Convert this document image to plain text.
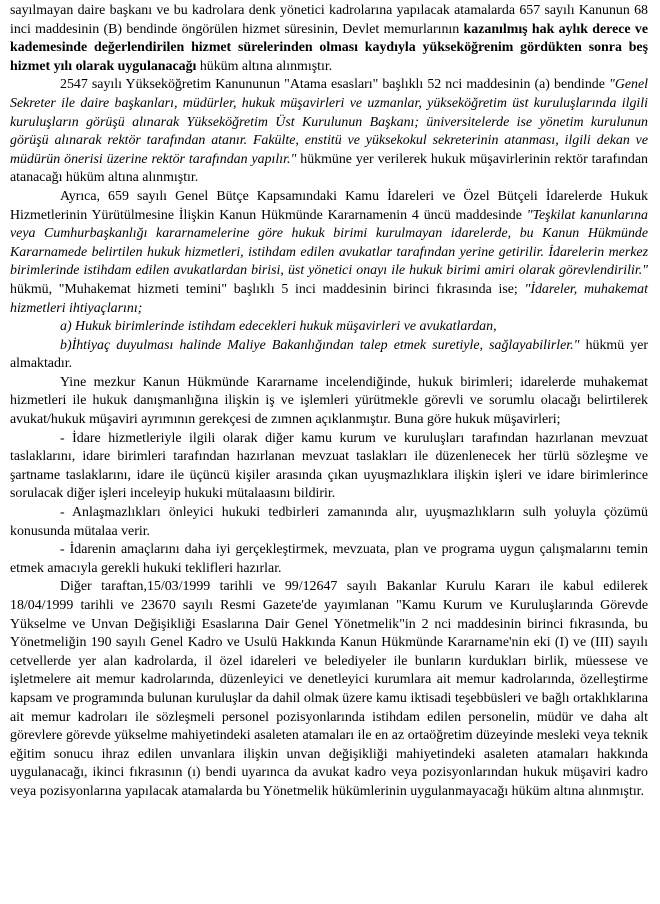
sayılmayan daire başkanı ve bu kadrolara denk yönetici kadrolarına yapılacak atamalarda 657 sayılı Kanunun 68 inci maddesinin (B) bendinde öngörülen hizmet süresinin, Devlet memurlarının kazanılmış hak aylık derece ve kademesinde değerlendirilen hizmet sürelerinden olması kaydıyla yükseköğrenim gördükten sonra beş hizmet yılı olarak uygulanacağı hüküm altına alınmıştır.

2547 sayılı Yükseköğretim Kanununun "Atama esasları" başlıklı 52 nci maddesinin (a) bendinde "Genel Sekreter ile daire başkanları, müdürler, hukuk müşavirleri ve uzmanlar, yükseköğretim üst kuruluşlarında ilgili kuruluşların görüşü alınarak Yükseköğretim Üst Kurulunun Başkanı; üniversitelerde ise yönetim kurulunun görüşü alınarak rektör tarafından atanır. Fakülte, enstitü ve yüksekokul sekreterinin atanması, ilgili dekan ve müdürün önerisi üzerine rektör tarafından yapılır." hükmüne yer verilerek hukuk müşavirlerinin rektör tarafından atanacağı hüküm altına alınmıştır.

Ayrıca, 659 sayılı Genel Bütçe Kapsamındaki Kamu İdareleri ve Özel Bütçeli İdarelerde Hukuk Hizmetlerinin Yürütülmesine İlişkin Kanun Hükmünde Kararnamenin 4 üncü maddesinde "Teşkilat kanunlarına veya Cumhurbaşkanlığı kararnamelerine göre hukuk birimi kurulmayan idarelerde, bu Kanun Hükmünde Kararnamede belirtilen hukuk hizmetleri, istihdam edilen avukatlar tarafından yerine getirilir. İdarelerin merkez birimlerinde istihdam edilen avukatlardan birisi, üst yönetici onayı ile hukuk birimi amiri olarak görevlendirilir." hükmü, "Muhakemat hizmeti temini" başlıklı 5 inci maddesinin birinci fıkrasında ise; "İdareler, muhakemat hizmetleri ihtiyaçlarını;

a) Hukuk birimlerinde istihdam edecekleri hukuk müşavirleri ve avukatlardan,

b)İhtiyaç duyulması halinde Maliye Bakanlığından talep etmek suretiyle, sağlayabilirler." hükmü yer almaktadır.

Yine mezkur Kanun Hükmünde Kararname incelendiğinde, hukuk birimleri; idarelerde muhakemat hizmetleri ile hukuk danışmanlığına ilişkin iş ve işlemleri yürütmekle görevli ve sorumlu olacağı belirtilerek avukat/hukuk müşaviri ayrımının gerekçesi de zımnen açıklanmıştır. Buna göre hukuk müşavirleri;

- İdare hizmetleriyle ilgili olarak diğer kamu kurum ve kuruluşları tarafından hazırlanan mevzuat taslaklarını, idare birimleri tarafından hazırlanan mevzuat taslakları ile düzenlenecek her türlü sözleşme ve şartname taslaklarını, idare ile üçüncü kişiler arasında çıkan uyuşmazlıklara ilişkin işleri ve idare birimlerince sorulacak diğer işleri inceleyip hukuki mütalaasını bildirir.

- Anlaşmazlıkları önleyici hukuki tedbirleri zamanında alır, uyuşmazlıkların sulh yoluyla çözümü konusunda mütalaa verir.

- İdarenin amaçlarını daha iyi gerçekleştirmek, mevzuata, plan ve programa uygun çalışmalarını temin etmek amacıyla gerekli hukuki teklifleri hazırlar.

Diğer taraftan,15/03/1999 tarihli ve 99/12647 sayılı Bakanlar Kurulu Kararı ile kabul edilerek 18/04/1999 tarihli ve 23670 sayılı Resmi Gazete'de yayımlanan "Kamu Kurum ve Kuruluşlarında Görevde Yükselme ve Unvan Değişikliği Esaslarına Dair Genel Yönetmelik"in 2 nci maddesinin birinci fıkrasında, bu Yönetmeliğin 190 sayılı Genel Kadro ve Usulü Hakkında Kanun Hükmünde Kararname'nin eki (I) ve (III) sayılı cetvellerde yer alan kadrolarda, il özel idareleri ve belediyeler ile bunların kurdukları birlik, müessese ve işletmelere ait memur kadrolarında, düzenleyici ve denetleyici kurumlara ait memur kadrolarında, özelleştirme kapsam ve programında bulunan kuruluşlar da dahil olmak üzere kamu iktisadi teşebbüsleri ve bağlı ortaklıklarına ait memur kadroları ile sözleşmeli personel pozisyonlarında istihdam edilen personelin, müdür ve daha alt görevlere görevde yükselme mahiyetindeki asaleten atamaları ile en az ortaöğretim düzeyinde mesleki veya teknik eğitim sonucu ihraz edilen unvanlara ilişkin unvan değişikliği mahiyetindeki asaleten atamaları hakkında uygulanacağı, ikinci fıkrasının (ı) bendi uyarınca da avukat kadro veya pozisyonlarından hukuk müşaviri kadro veya pozisyonlarına yapılacak atamalarda bu Yönetmelik hükümlerinin uygulanmayacağı hüküm altına alınmıştır.
